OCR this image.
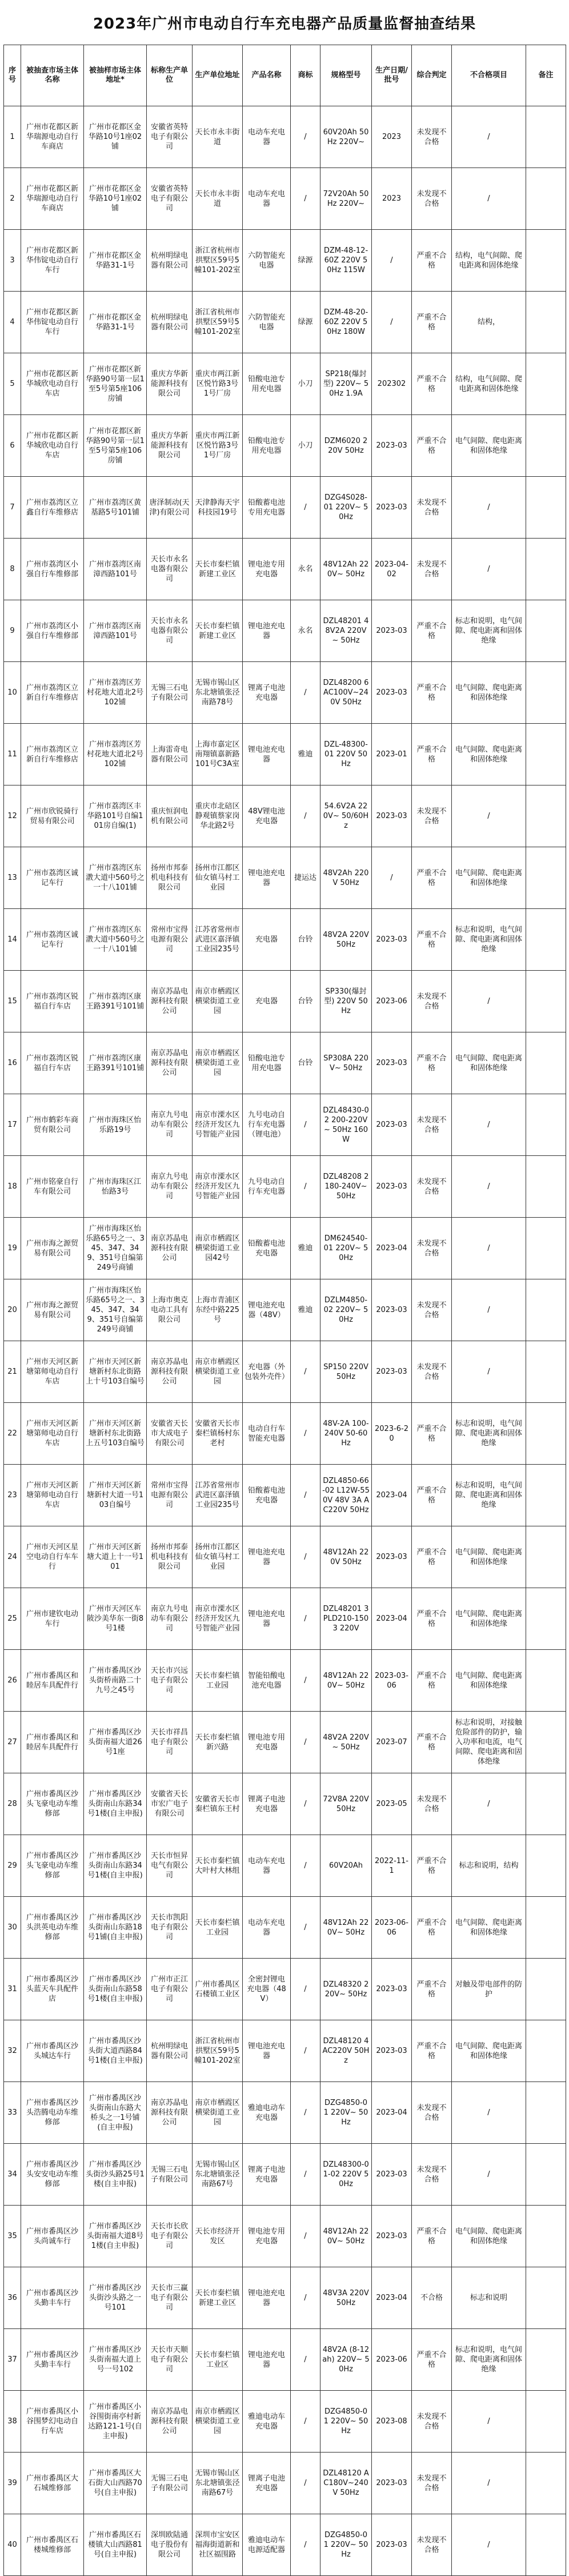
2023年广州市电动自行车充电器产品质量监督抽查结果
序号	被抽查市场主体名称	被抽样市场主体地址*	标称生产单位	生产单位地址	产品名称	商标	规格型号	生产日期/批号	综合判定	不合格项目	备注
1	广州市花都区新华瑞源电动自行车商店	广州市花都区金华路10号1座02铺	安徽省英特电子有限公司	天长市永丰街道	电动车充电器	/	60V20Ah 50Hz 220V~	2023	未发现不合格	/	
2	广州市花都区新华瑞源电动自行车商店	广州市花都区金华路10号1座02铺	安徽省英特电子有限公司	天长市永丰街道	电动车充电器	/	72V20Ah 50Hz 220V~	2023	未发现不合格	/	
3	广州市花都区新华伟锭电动自行车行	广州市花都区金华路31-1号	杭州明绿电器有限公司	浙江省杭州市拱墅区59号5幢101-202室	六防智能充电器	绿源	DZM-48-12-60Z 220V 50Hz 115W	/	严重不合格	结构，电气间隙、爬电距离和固体绝缘	
4	广州市花都区新华伟锭电动自行车行	广州市花都区金华路31-1号	杭州明绿电器有限公司	浙江省杭州市拱墅区59号5幢101-202室	六防智能充电器	绿源	DZM-48-20-60Z 220V 50Hz 180W	/	严重不合格	结构，	
5	广州市花都区新华城欣电动自行车店	广州市花都区新华路90号第一层1至5号第5座106房铺	重庆方华新能源科技有限公司	重庆市两江新区悦竹路3号1号厂房	铅酸电池专用充电器	小刀	SP218(爆封型) 220V~ 50Hz 1.9A	202302	严重不合格	结构，电气间隙、爬电距离和固体绝缘	
6	广州市花都区新华城欣电动自行车店	广州市花都区新华路90号第一层1至5号第5座106房铺	重庆方华新能源科技有限公司	重庆市两江新区悦竹路3号1号厂房	铅酸电池专用充电器	小刀	DZM6020 220V 50Hz	2023-03	严重不合格	电气间隙、爬电距离和固体绝缘	
7	广州市荔湾区立鑫自行车维修店	广州市荔湾区黄基路5号101铺	唐泽制动(天津)有限公司	天津静海天宇科技园19号	铅酸蓄电池专用充电器	/	DZG4S028-01 220V~ 50Hz	2023-03	未发现不合格	/	
8	广州市荔湾区小强自行车维修部	广州市荔湾区南漳西路101号	天长市永名电器有限公司	天长市秦栏镇新建工业区	锂电池专用充电器	永名	48V12Ah 220V~ 50Hz	2023-04-02	未发现不合格	/	
9	广州市荔湾区小强自行车维修部	广州市荔湾区南漳西路101号	天长市永名电器有限公司	天长市秦栏镇新建工业区	锂电池充电器	永名	DZL48201 48V2A 220V~ 50Hz	2023-03	严重不合格	标志和说明，电气间隙、爬电距离和固体绝缘	
10	广州市荔湾区立新自行车维修店	广州市荔湾区芳村花地大道北2号102铺	无锡三石电子有限公司	无锡市锡山区东北塘镇张泾南路78号	锂离子电池充电器	/	DZL48200 6 AC100V~240V 50Hz	2023-03	严重不合格	电气间隙、爬电距离和固体绝缘	
11	广州市荔湾区立新自行车维修店	广州市荔湾区芳村花地大道北2号102铺	上海雷奇电器有限公司	上海市嘉定区南翔镇嘉新路101号C3A室	锂电池充电器	雅迪	DZL-48300-01 220V 50Hz	2023-01	严重不合格	电气间隙、爬电距离和固体绝缘	
12	广州市欣锐骑行贸易有限公司	广州市荔湾区丰华路101号自编101房自编(1)	重庆恒润电机有限公司	重庆市北碚区静观镇蔡家岗华北路2号	48V锂电池充电器	/	54.6V2A 220V~ 50/60Hz	2023-03	未发现不合格	/	
13	广州市荔湾区诚记车行	广州市荔湾区东漖大道中560号之一十八101铺	扬州市邦泰机电科技有限公司	扬州市江都区仙女镇马村工业园	锂电池充电器	捷运达	48V2Ah 220V 50Hz	/	严重不合格	电气间隙、爬电距离和固体绝缘	
14	广州市荔湾区诚记车行	广州市荔湾区东漖大道中560号之一十八101铺	常州市宝得电源有限公司	江苏省常州市武进区嘉泽镇工业园235号	充电器	台铃	48V2A 220V 50Hz	2023-03	严重不合格	标志和说明，电气间隙、爬电距离和固体绝缘	
15	广州市荔湾区锐福自行车店	广州市荔湾区康王路391号101铺	南京苏晶电源科技有限公司	南京市栖霞区横梁街道工业园	充电器	台铃	SP330(爆封型) 220V 50Hz	2023-06	未发现不合格	/	
16	广州市荔湾区锐福自行车店	广州市荔湾区康王路391号101铺	南京苏晶电源科技有限公司	南京市栖霞区横梁街道工业园	铅酸电池专用充电器	台铃	SP308A 220V~ 50Hz	2023-03	严重不合格	电气间隙、爬电距离和固体绝缘	
17	广州市鹤彩车商贸有限公司	广州市海珠区怡乐路19号	南京九号电动车有限公司	南京市溧水区经济开发区九号智能产业园	九号电动自行车充电器（锂电池）	/	DZL48430-02 200-220V~ 50Hz 160W	2023-03	未发现不合格	/	
18	广州市铭豪自行车有限公司	广州市海珠区江怡路3号	南京九号电动车有限公司	南京市溧水区经济开发区九号智能产业园	九号电动自行车充电器	/	DZL48208 2 180-240V~ 50Hz	2023-03	未发现不合格	/	
19	广州市海之源贸易有限公司	广州市海珠区怡乐路65号之一、345、347、349、351号自编第249号商铺	南京苏晶电源科技有限公司	南京市栖霞区横梁街道工业园42号	铅酸蓄电池充电器	雅迪	DM624540-01 220V~ 50Hz	2023-04	未发现不合格	/	
20	广州市海之源贸易有限公司	广州市海珠区怡乐路65号之一、345、347、349、351号自编第249号商铺	上海市奥克电动工具有限公司	上海市青浦区东经中路225号	锂电池充电器（48V）	雅迪	DZLM4850-02 220V~ 50Hz	2023-03	未发现不合格	/	
21	广州市天河区新塘第师电动自行车店	广州市天河区新塘新村东北街路上十号103自编号	南京苏晶电源科技有限公司	南京市栖霞区横梁街道工业园	充电器（外包装外壳件）	/	SP150 220V 50Hz	2023-03	未发现不合格	/	
22	广州市天河区新塘第师电动自行车店	广州市天河区新塘新村东北街路上五号103自编号	安徽省天长市大成电子有限公司	安徽省天长市秦栏镇杨村东老村	电动自行车智能充电器	/	48V-2A 100-240V 50-60Hz	2023-6-20	严重不合格	标志和说明，电气间隙、爬电距离和固体绝缘	
23	广州市天河区新塘第师电动自行车店	广州市天河区新塘新村大道一号103自编号	常州市宝得电源有限公司	江苏省常州市武进区嘉泽镇工业园235号	铅酸蓄电池充电器	/	DZL4850-66-02 L12W-550V 48V 3A AC220V 50Hz	2023-04	严重不合格	标志和说明，电气间隙、爬电距离和固体绝缘	
24	广州市天河区星空电动自行车车行	广州市天河区新塘大道上十一号101	扬州市邦泰机电科技有限公司	扬州市江都区仙女镇马村工业园	锂电池充电器	/	48V12Ah 220V 50Hz	2023-03	严重不合格	电气间隙、爬电距离和固体绝缘	
25	广州市建钦电动车行	广州市天河区车陂沙美华东一街8号1楼	南京九号电动车有限公司	南京市溧水区经济开发区九号智能产业园	锂电池充电器	/	DZL48201 3 PLD210-1503 220V	2023-04	严重不合格	电气间隙、爬电距离和固体绝缘	
26	广州市番禺区和睦居车具配件行	广州市番禺区沙头街桥南路二十九号之45号	天长市兴远电子有限公司	天长市秦栏镇工业园	智能铅酸电池充电器	/	48V12Ah 220V~ 50Hz	2023-03-06	严重不合格	电气间隙、爬电距离和固体绝缘	
27	广州市番禺区和睦居车具配件行	广州市番禺区沙头街南福大道26号1座	天长市祥昌电子有限公司	天长市秦栏镇新兴路	锂电池专用充电器	/	48V2A 220V~ 50Hz	2023-07	严重不合格	标志和说明，对接触危险部件的防护，输入功率和电流，电气间隙、爬电距离和固体绝缘	
28	广州市番禺区沙头飞豪电动车维修部	广州市番禺区沙头街南山东路34号1楼(自主申报)	安徽省天长市宏广电子有限公司	安徽省天长市秦栏镇东王村	锂离子电池充电器	/	72V8A 220V 50Hz	2023-05	未发现不合格	/	
29	广州市番禺区沙头飞豪电动车维修部	广州市番禺区沙头街南山东路34号1楼(自主申报)	天长市恒昇电气有限公司	天长市秦栏镇大叶村大林组	电动车充电器	/	60V20Ah	2022-11-1	严重不合格	标志和说明，结构	
30	广州市番禺区沙头洪英电动车维修部	广州市番禺区沙头街南山东路18号1铺(自主申报)	天长市凯阳电子有限公司	天长市秦栏镇工业园	电动车充电器	/	48V12Ah 220V~ 50Hz	2023-06-06	严重不合格	电气间隙、爬电距离和固体绝缘	
31	广州市番禺区沙头蓝天车具配件店	广州市番禺区沙头街南山东路58号1楼(自主申报)	广州市正江电子有限公司	广州市番禺区石楼镇工业区	全密封锂电充电器（48V）	/	DZL48320 220V~ 50Hz	2023-03	严重不合格	对触及带电部件的防护	
32	广州市番禺区沙头城达车行	广州市番禺区沙头街大道西路84号1楼(自主申报)	杭州明绿电器有限公司	浙江省杭州市拱墅区59号5幢101-202室	锂电池充电器	/	DZL48120 4 AC220V 50Hz	2023-03	严重不合格	电气间隙、爬电距离和固体绝缘	
33	广州市番禺区沙头浩腾电动车维修部	广州市番禺区沙头街南山东路大桥头之一1号铺(自主申报)	南京苏晶电源科技有限公司	南京市栖霞区横梁街道工业园	雅迪电动车充电器	/	DZG4850-01 220V~ 50Hz	2023-04	未发现不合格	/	
34	广州市番禺区沙头安安电动车维修部	广州市番禺区沙头街沙头路25号1楼(自主申报)	无锡三石电子有限公司	无锡市锡山区东北塘镇张泾南路67号	锂离子电池充电器	/	DZL48300-01-02 220V 50Hz	2023-03	未发现不合格	/	
35	广州市番禺区沙头尚诚车行	广州市番禺区沙头街南福大道8号1楼(自主申报)	天长市长欣电子有限公司	天长市经济开发区	锂电池专用充电器	/	48V12Ah 220V~ 50Hz	2023-03	严重不合格	电气间隙、爬电距离和固体绝缘	
36	广州市番禺区沙头勤丰车行	广州市番禺区沙头街沙头路之一号101	天长市三赢电子有限公司	天长市秦栏镇新建工业区	锂电池充电器	/	48V3A 220V 50Hz	2023-04	不合格	标志和说明	
37	广州市番禺区沙头勤丰车行	广州市番禺区沙头街南福大道上号一号102	天长市天顺电子有限公司	天长市秦栏镇工业区	锂电池充电器	/	48V2A (8-12ah) 220V~ 50Hz	2023-06	严重不合格	标志和说明，电气间隙、爬电距离和固体绝缘	
38	广州市番禺区小谷围梦幻电动自行车店	广州市番禺区小谷围街南亭村新达路121-1号(自主申报)	南京苏晶电源科技有限公司	南京市栖霞区横梁街道工业园	雅迪电动车充电器	/	DZG4850-01 220V~ 50Hz	2023-08	未发现不合格	/	
39	广州市番禺区大石城维修部	广州市番禺区大石街大山西路70号(自主申报)	无锡三石电子有限公司	无锡市锡山区东北塘镇张泾南路67号	锂离子电池充电器	/	DZL48120 AC180V~240V 50Hz	2023-03	未发现不合格	/	
40	广州市番禺区石楼城维修部	广州市番禺区石楼镇大山西路81号(自主申报)	深圳欧陆通电子股份有限公司	深圳市宝安区福海街道新和社区福围路	雅迪电动车电源适配器	/	DZG4850-01 220V~ 50Hz	2023-03	未发现不合格	/	
